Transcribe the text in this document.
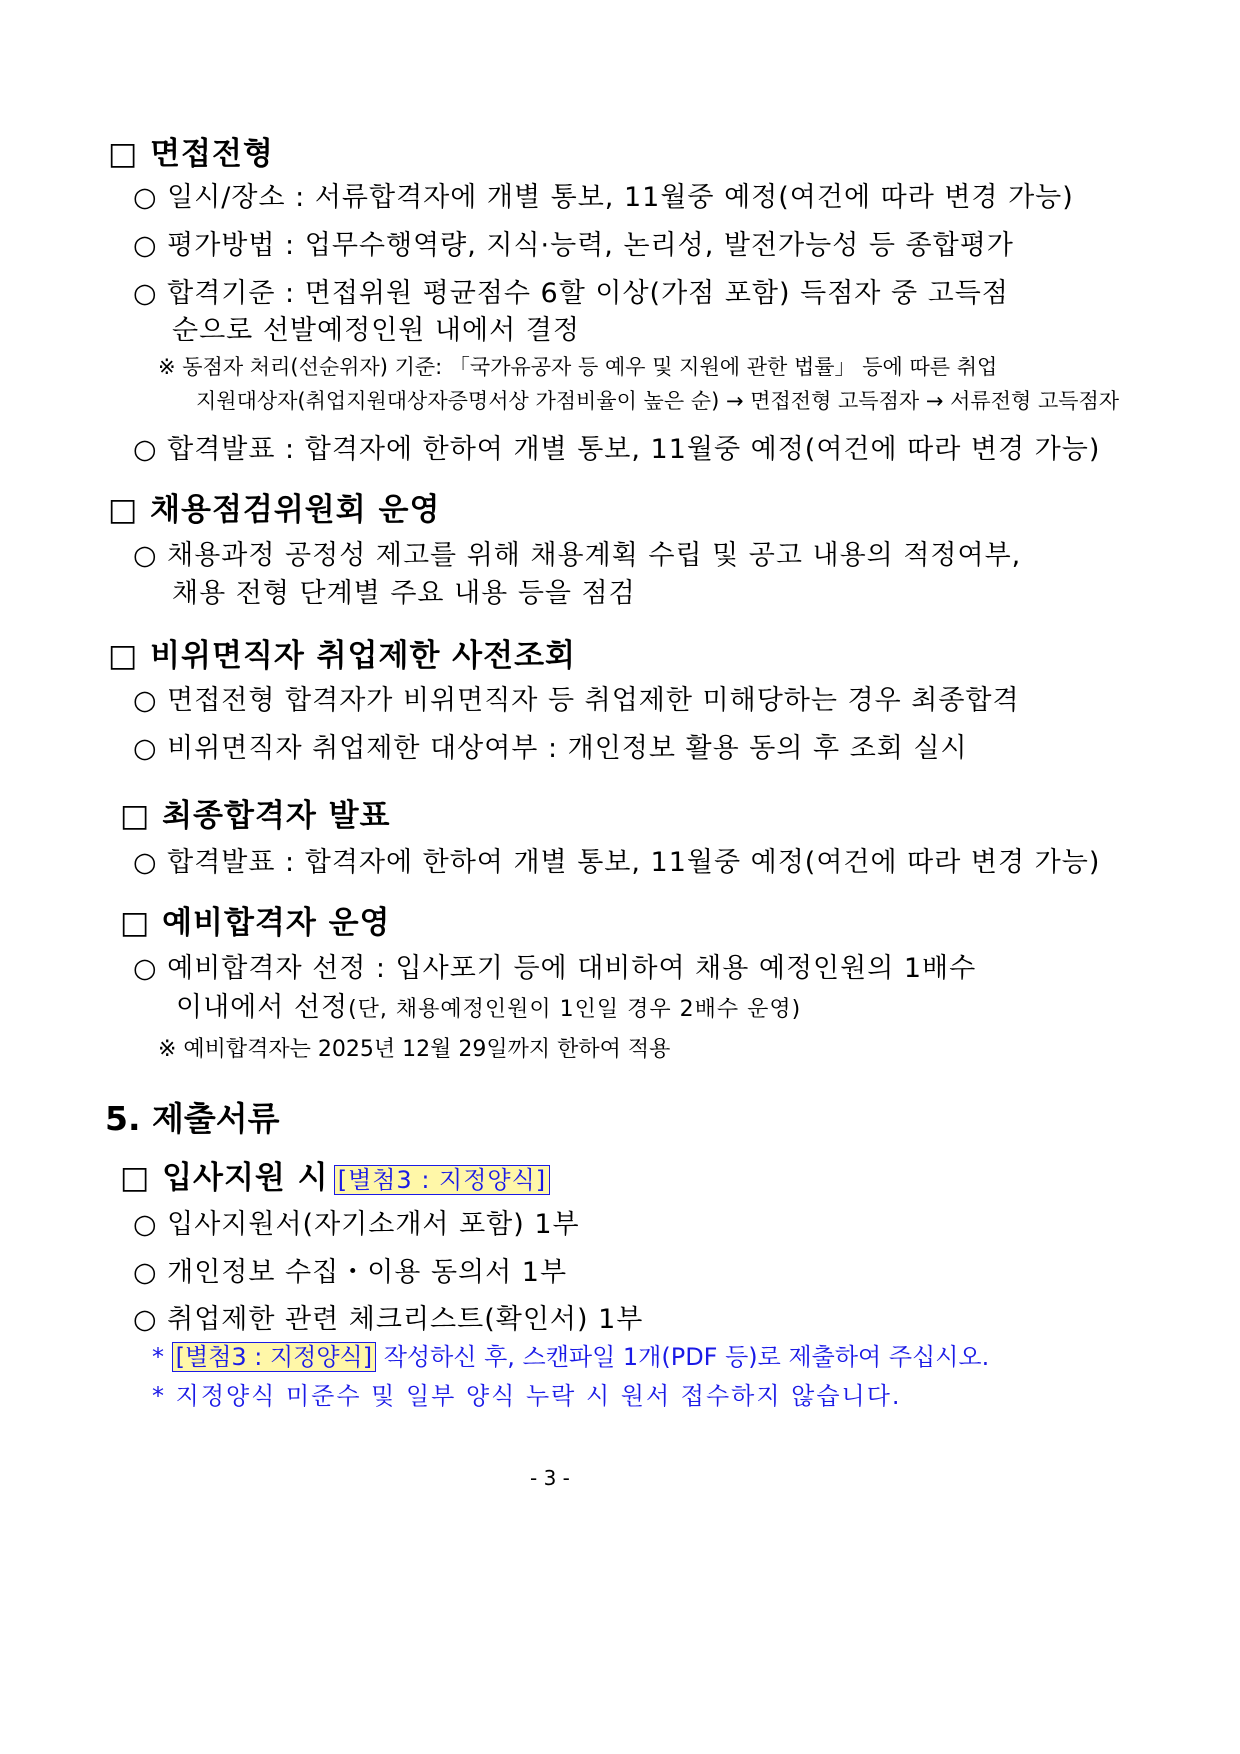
□ 면접전형
○ 일시/장소 : 서류합격자에 개별 통보, 11월중 예정(여건에 따라 변경 가능)
○ 평가방법 : 업무수행역량, 지식·능력, 논리성, 발전가능성 등 종합평가
○ 합격기준 : 면접위원 평균점수 6할 이상(가점 포함) 득점자 중 고득점
순으로 선발예정인원 내에서 결정
※ 동점자 처리(선순위자) 기준: 「국가유공자 등 예우 및 지원에 관한 법률」 등에 따른 취업
지원대상자(취업지원대상자증명서상 가점비율이 높은 순) → 면접전형 고득점자 → 서류전형 고득점자
○ 합격발표 : 합격자에 한하여 개별 통보, 11월중 예정(여건에 따라 변경 가능)
□ 채용점검위원회 운영
○ 채용과정 공정성 제고를 위해 채용계획 수립 및 공고 내용의 적정여부,
채용 전형 단계별 주요 내용 등을 점검
□ 비위면직자 취업제한 사전조회
○ 면접전형 합격자가 비위면직자 등 취업제한 미해당하는 경우 최종합격
○ 비위면직자 취업제한 대상여부 : 개인정보 활용 동의 후 조회 실시
□ 최종합격자 발표
○ 합격발표 : 합격자에 한하여 개별 통보, 11월중 예정(여건에 따라 변경 가능)
□ 예비합격자 운영
○ 예비합격자 선정 : 입사포기 등에 대비하여 채용 예정인원의 1배수
이내에서 선정(단, 채용예정인원이 1인일 경우 2배수 운영)
※ 예비합격자는 2025년 12월 29일까지 한하여 적용
5. 제출서류
□ 입사지원 시 [별첨3 : 지정양식]
○ 입사지원서(자기소개서 포함) 1부
○ 개인정보 수집・이용 동의서 1부
○ 취업제한 관련 체크리스트(확인서) 1부
* [별첨3 : 지정양식] 작성하신 후, 스캔파일 1개(PDF 등)로 제출하여 주십시오.
* 지정양식 미준수 및 일부 양식 누락 시 원서 접수하지 않습니다.
- 3 -
